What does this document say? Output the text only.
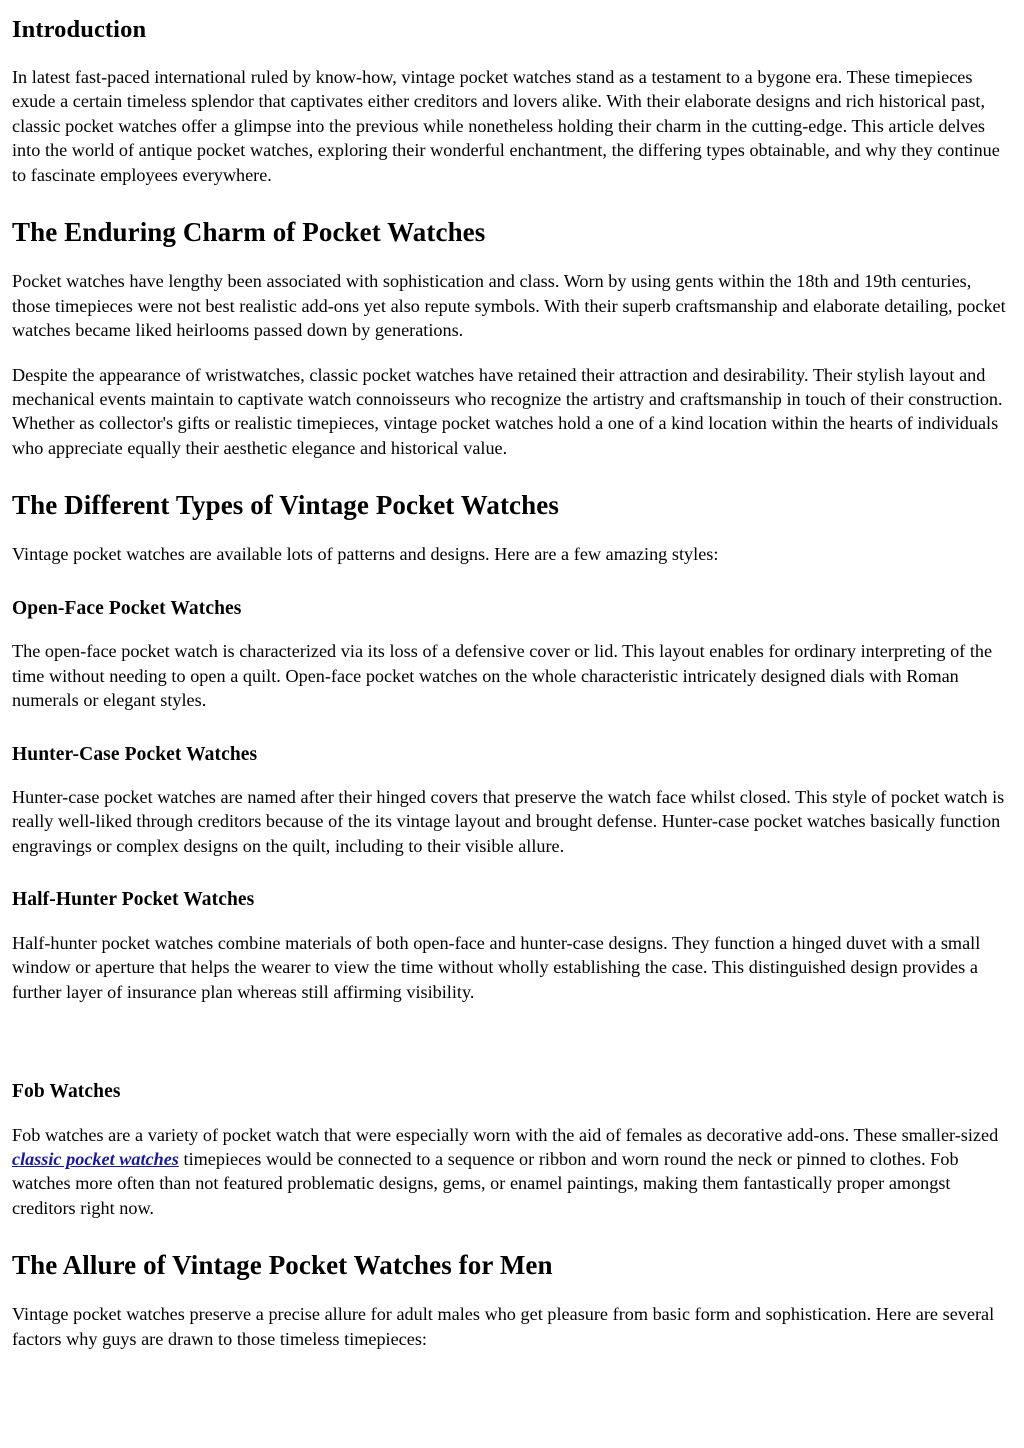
Introduction

In latest fast-paced international ruled by know-how, vintage pocket watches stand as a testament to a bygone era. These timepieces exude a certain timeless splendor that captivates either creditors and lovers alike. With their elaborate designs and rich historical past, classic pocket watches offer a glimpse into the previous while nonetheless holding their charm in the cutting-edge. This article delves into the world of antique pocket watches, exploring their wonderful enchantment, the differing types obtainable, and why they continue to fascinate employees everywhere.

The Enduring Charm of Pocket Watches

Pocket watches have lengthy been associated with sophistication and class. Worn by using gents within the 18th and 19th centuries, those timepieces were not best realistic add-ons yet also repute symbols. With their superb craftsmanship and elaborate detailing, pocket watches became liked heirlooms passed down by generations.

Despite the appearance of wristwatches, classic pocket watches have retained their attraction and desirability. Their stylish layout and mechanical events maintain to captivate watch connoisseurs who recognize the artistry and craftsmanship in touch of their construction. Whether as collector's gifts or realistic timepieces, vintage pocket watches hold a one of a kind location within the hearts of individuals who appreciate equally their aesthetic elegance and historical value.

The Different Types of Vintage Pocket Watches

Vintage pocket watches are available lots of patterns and designs. Here are a few amazing styles:

Open-Face Pocket Watches

The open-face pocket watch is characterized via its loss of a defensive cover or lid. This layout enables for ordinary interpreting of the time without needing to open a quilt. Open-face pocket watches on the whole characteristic intricately designed dials with Roman numerals or elegant styles.

Hunter-Case Pocket Watches

Hunter-case pocket watches are named after their hinged covers that preserve the watch face whilst closed. This style of pocket watch is really well-liked through creditors because of the its vintage layout and brought defense. Hunter-case pocket watches basically function engravings or complex designs on the quilt, including to their visible allure.

Half-Hunter Pocket Watches

Half-hunter pocket watches combine materials of both open-face and hunter-case designs. They function a hinged duvet with a small window or aperture that helps the wearer to view the time without wholly establishing the case. This distinguished design provides a further layer of insurance plan whereas still affirming visibility.

Fob Watches

Fob watches are a variety of pocket watch that were especially worn with the aid of females as decorative add-ons. These smaller-sized classic pocket watches timepieces would be connected to a sequence or ribbon and worn round the neck or pinned to clothes. Fob watches more often than not featured problematic designs, gems, or enamel paintings, making them fantastically proper amongst creditors right now.

The Allure of Vintage Pocket Watches for Men

Vintage pocket watches preserve a precise allure for adult males who get pleasure from basic form and sophistication. Here are several factors why guys are drawn to those timeless timepieces:
